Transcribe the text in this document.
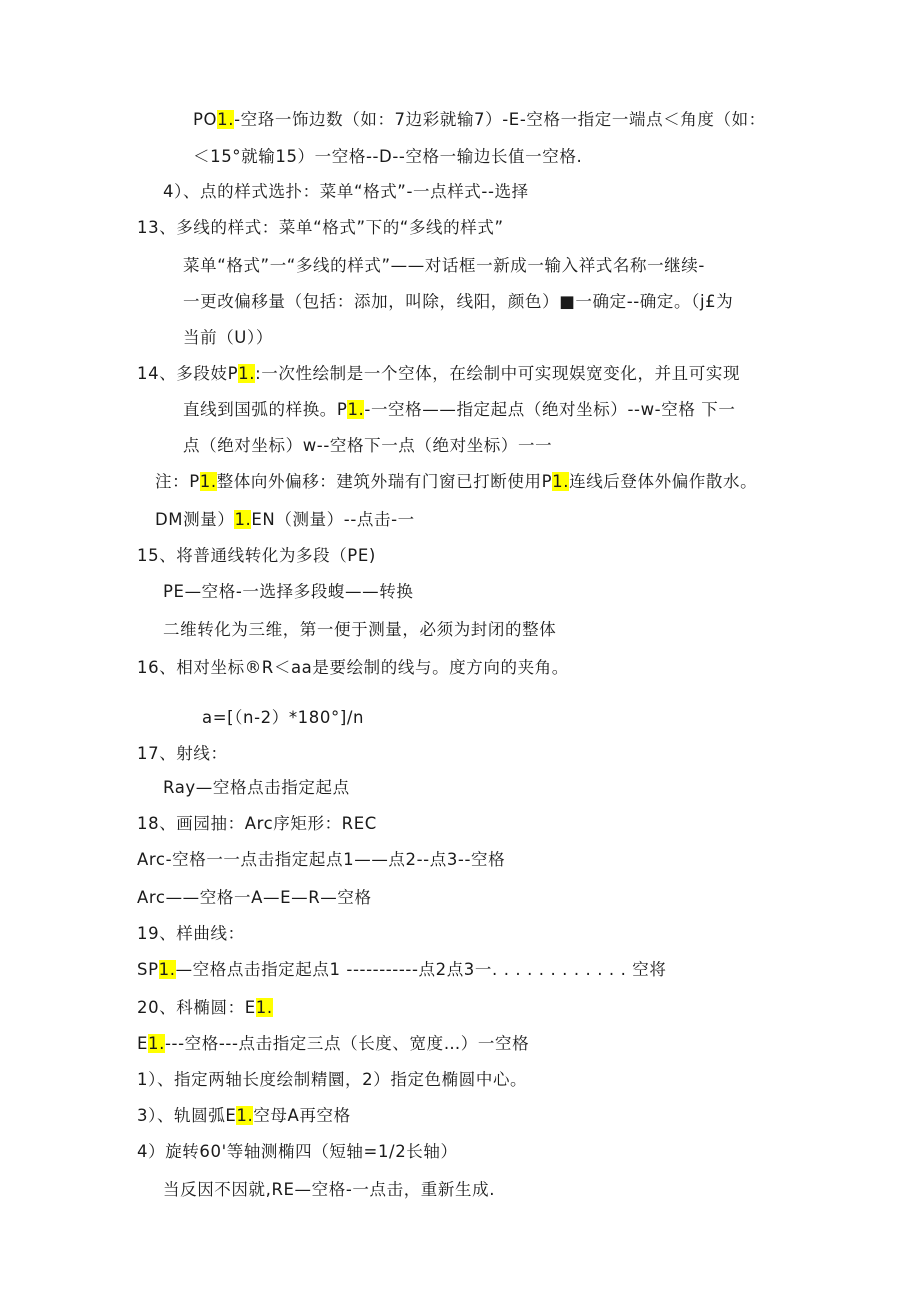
PO1.-空珞一饰边数（如：7边彩就输7）-E-空格一指定一端点＜角度（如：
＜15°就输15）一空格--D--空格一输边长值一空格.
4）、点的样式选扑：菜单“格式”-一点样式--选择
13、多线的样式：菜单“格式”下的“多线的样式”
菜单“格式”一“多线的样式”——对话框一新成一输入祥式名称一继续-
一更改偏移量（包括：添加，叫除，线阳，颜色）■一确定--确定。（j£为
当前（U））
14、多段妓P1.:一次性绘制是一个空体，在绘制中可实现娱宽变化，并且可实现
直线到国弧的样换。P1.-一空格——指定起点（绝对坐标）--w-空格 下一
点（绝对坐标）w--空格下一点（绝对坐标）一一
注：P1.整体向外偏移：建筑外瑞有门窗已打断使用P1.连线后登体外偏作散水。
DM测量）1.EN（测量）--点击-一
15、将普通线转化为多段（PE)
PE—空格-一选择多段蝮——转换
二维转化为三维，第一便于测量，必须为封闭的整体
16、相对坐标®R＜aa是要绘制的线与。度方向的夹角。
a=[（n-2）*180°]/n
17、射线：
Ray—空格点击指定起点
18、画园抽：Arc序矩形：REC
Arc-空格一一点击指定起点1——点2--点3--空格
Arc——空格一A—E—R—空格
19、样曲线：
SP1.—空格点击指定起点1 -----------点2点3一. . . . . . . . . . . . 空将
20、科椭圆：E1.
E1.---空格---点击指定三点（长度、宽度…）一空格
1）、指定两轴长度绘制精圜，2）指定色椭圆中心。
3）、轨圆弧E1.空母A再空格
4）旋转60'等轴测椭四（短轴=1/2长轴）
当反因不因就,RE—空格-一点击，重新生成.
